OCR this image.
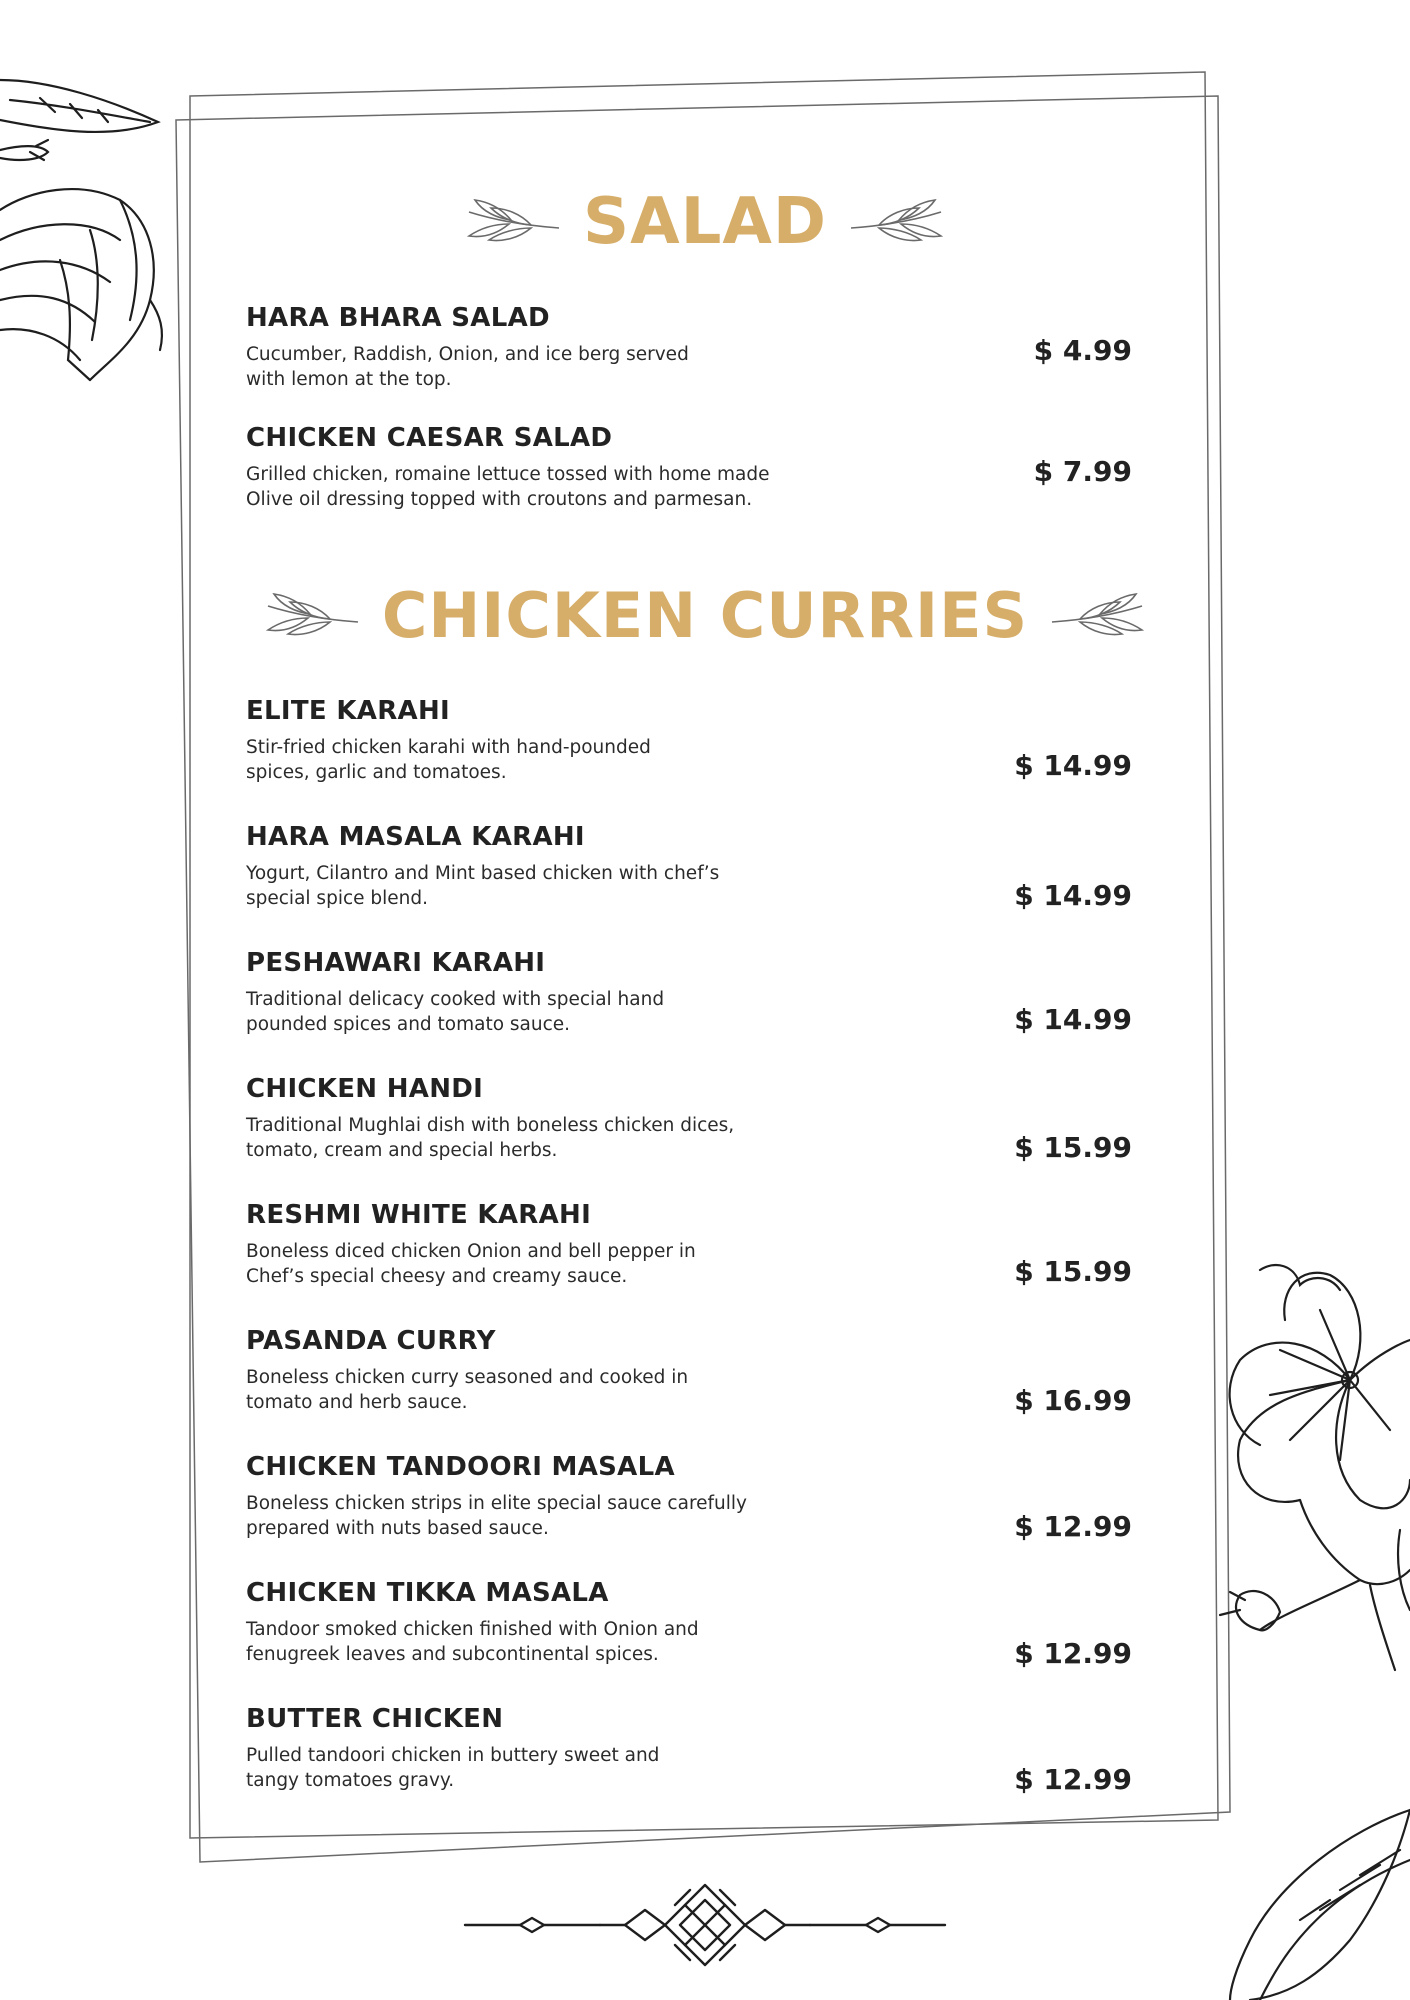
SALAD
HARA BHARA SALAD
Cucumber, Raddish, Onion, and ice berg served
with lemon at the top.
$ 4.99
CHICKEN CAESAR SALAD
Grilled chicken, romaine lettuce tossed with home made
Olive oil dressing topped with croutons and parmesan.
$ 7.99
CHICKEN CURRIES
ELITE KARAHI
Stir-fried chicken karahi with hand-pounded
spices, garlic and tomatoes.	$ 14.99
HARA MASALA KARAHI
Yogurt, Cilantro and Mint based chicken with chef’s
special spice blend.	$ 14.99
PESHAWARI KARAHI
Traditional delicacy cooked with special hand
pounded spices and tomato sauce.	$ 14.99
CHICKEN HANDI
Traditional Mughlai dish with boneless chicken dices,
tomato, cream and special herbs.	$ 15.99
RESHMI WHITE KARAHI
Boneless diced chicken Onion and bell pepper in
Chef’s special cheesy and creamy sauce.	$ 15.99
PASANDA CURRY
Boneless chicken curry seasoned and cooked in
tomato and herb sauce.	$ 16.99
CHICKEN TANDOORI MASALA
Boneless chicken strips in elite special sauce carefully
prepared with nuts based sauce.	$ 12.99
CHICKEN TIKKA MASALA
Tandoor smoked chicken finished with Onion and
fenugreek leaves and subcontinental spices.	$ 12.99
BUTTER CHICKEN
Pulled tandoori chicken in buttery sweet and
tangy tomatoes gravy.	$ 12.99
